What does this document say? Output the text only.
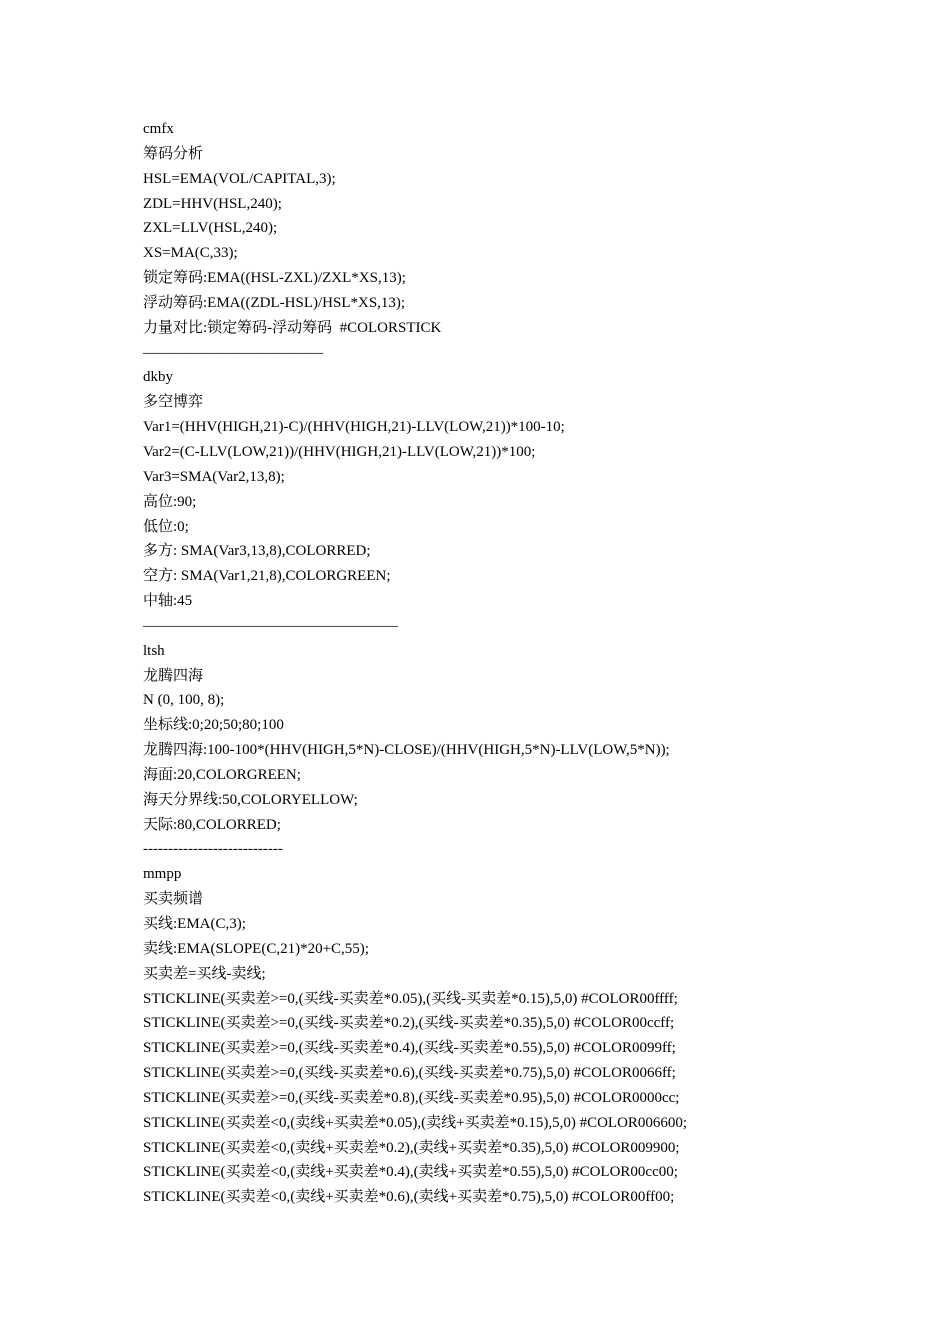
cmfx
筹码分析
HSL=EMA(VOL/CAPITAL,3);
ZDL=HHV(HSL,240);
ZXL=LLV(HSL,240);
XS=MA(C,33);
锁定筹码:EMA((HSL-ZXL)/ZXL*XS,13);
浮动筹码:EMA((ZDL-HSL)/HSL*XS,13);
力量对比:锁定筹码-浮动筹码  #COLORSTICK
————————————
dkby
多空博弈
Var1=(HHV(HIGH,21)-C)/(HHV(HIGH,21)-LLV(LOW,21))*100-10;
Var2=(C-LLV(LOW,21))/(HHV(HIGH,21)-LLV(LOW,21))*100;
Var3=SMA(Var2,13,8);
高位:90;
低位:0;
多方: SMA(Var3,13,8),COLORRED;
空方: SMA(Var1,21,8),COLORGREEN;
中轴:45
—————————————————
ltsh
龙腾四海
N (0, 100, 8);
坐标线:0;20;50;80;100
龙腾四海:100-100*(HHV(HIGH,5*N)-CLOSE)/(HHV(HIGH,5*N)-LLV(LOW,5*N));
海面:20,COLORGREEN;
海天分界线:50,COLORYELLOW;
天际:80,COLORRED;
----------------------------
mmpp
买卖频谱
买线:EMA(C,3);
卖线:EMA(SLOPE(C,21)*20+C,55);
买卖差=买线-卖线;
STICKLINE(买卖差>=0,(买线-买卖差*0.05),(买线-买卖差*0.15),5,0) #COLOR00ffff;
STICKLINE(买卖差>=0,(买线-买卖差*0.2),(买线-买卖差*0.35),5,0) #COLOR00ccff;
STICKLINE(买卖差>=0,(买线-买卖差*0.4),(买线-买卖差*0.55),5,0) #COLOR0099ff;
STICKLINE(买卖差>=0,(买线-买卖差*0.6),(买线-买卖差*0.75),5,0) #COLOR0066ff;
STICKLINE(买卖差>=0,(买线-买卖差*0.8),(买线-买卖差*0.95),5,0) #COLOR0000cc;
STICKLINE(买卖差<0,(卖线+买卖差*0.05),(卖线+买卖差*0.15),5,0) #COLOR006600;
STICKLINE(买卖差<0,(卖线+买卖差*0.2),(卖线+买卖差*0.35),5,0) #COLOR009900;
STICKLINE(买卖差<0,(卖线+买卖差*0.4),(卖线+买卖差*0.55),5,0) #COLOR00cc00;
STICKLINE(买卖差<0,(卖线+买卖差*0.6),(卖线+买卖差*0.75),5,0) #COLOR00ff00;
